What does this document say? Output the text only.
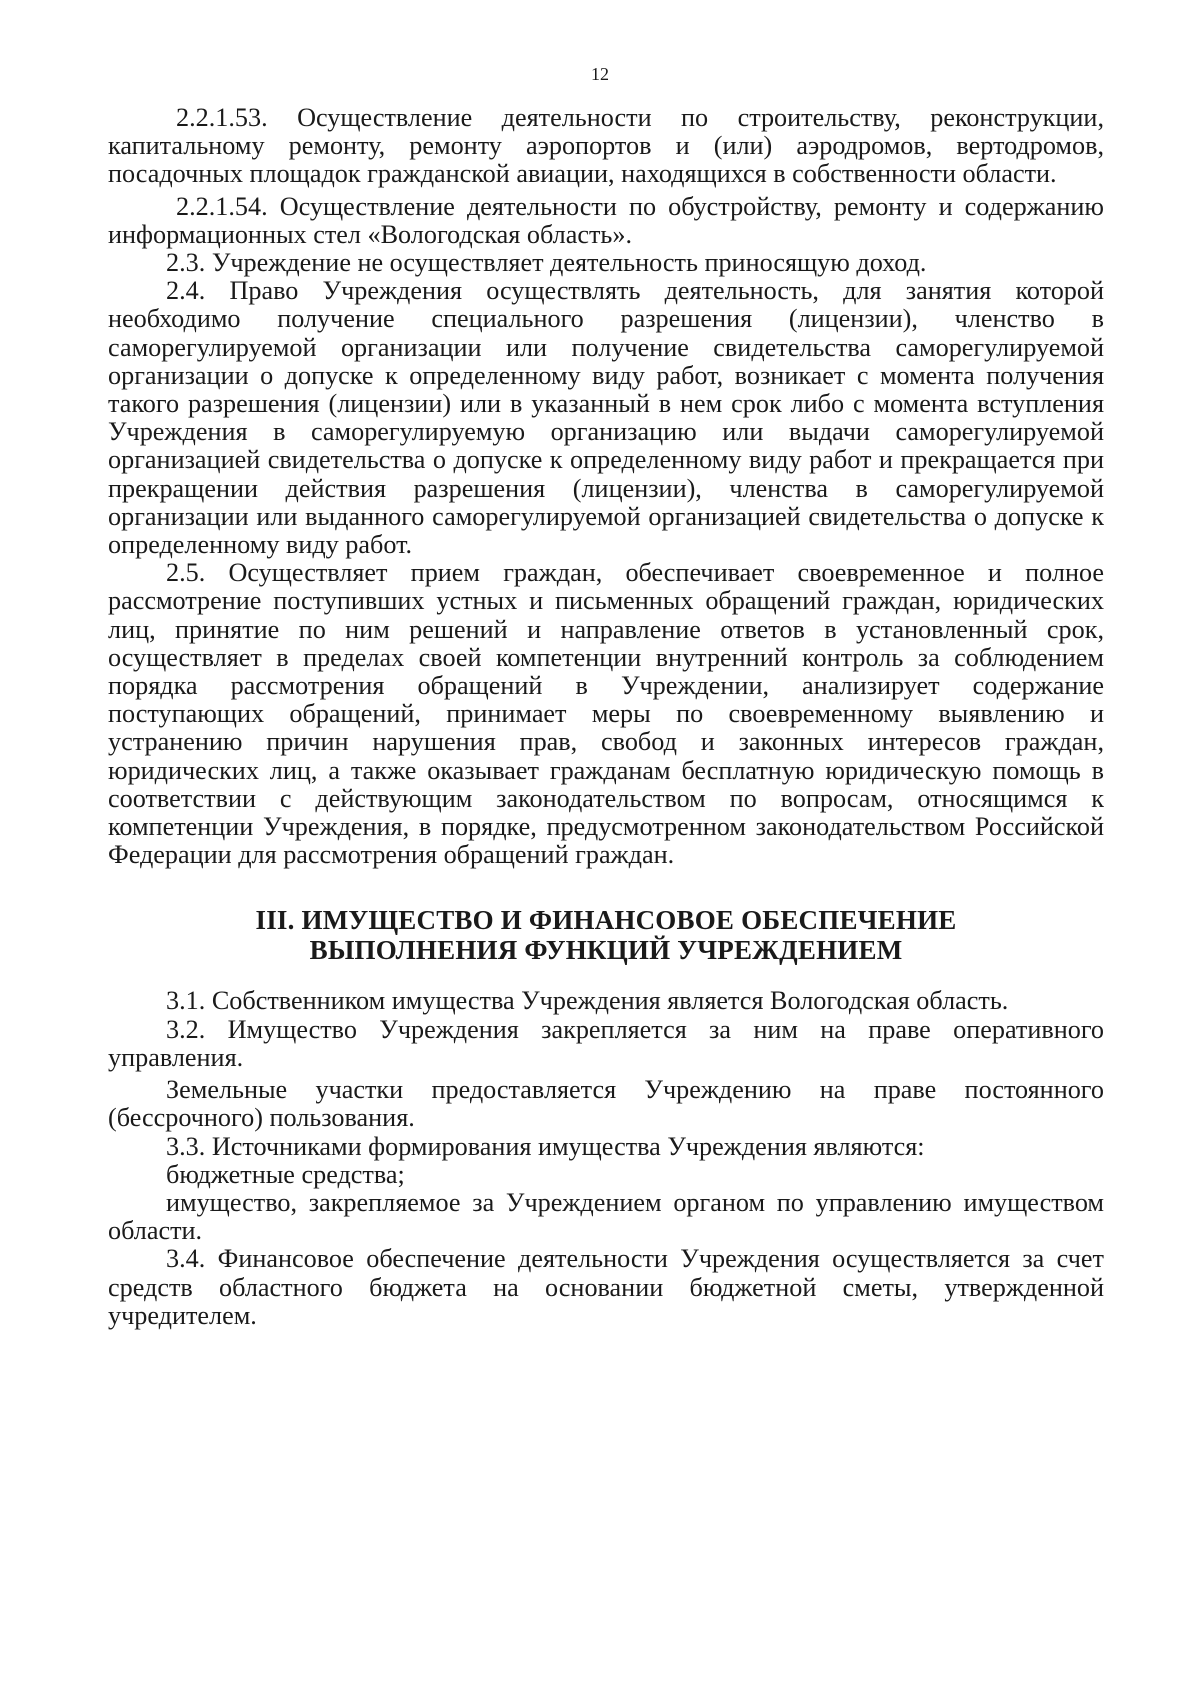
12

2.2.1.53. Осуществление деятельности по строительству, реконструкции, капитальному ремонту, ремонту аэропортов и (или) аэродромов, вертодромов, посадочных площадок гражданской авиации, находящихся в собственности области.

2.2.1.54. Осуществление деятельности по обустройству, ремонту и содержанию информационных стел «Вологодская область».

2.3. Учреждение не осуществляет деятельность приносящую доход.

2.4. Право Учреждения осуществлять деятельность, для занятия которой необходимо получение специального разрешения (лицензии), членство в саморегулируемой организации или получение свидетельства саморегулируемой организации о допуске к определенному виду работ, возникает с момента получения такого разрешения (лицензии) или в указанный в нем срок либо с момента вступления Учреждения в саморегулируемую организацию или выдачи саморегулируемой организацией свидетельства о допуске к определенному виду работ и прекращается при прекращении действия разрешения (лицензии), членства в саморегулируемой организации или выданного саморегулируемой организацией свидетельства о допуске к определенному виду работ.

2.5. Осуществляет прием граждан, обеспечивает своевременное и полное рассмотрение поступивших устных и письменных обращений граждан, юридических лиц, принятие по ним решений и направление ответов в установленный срок, осуществляет в пределах своей компетенции внутренний контроль за соблюдением порядка рассмотрения обращений в Учреждении, анализирует содержание поступающих обращений, принимает меры по своевременному выявлению и устранению причин нарушения прав, свобод и законных интересов граждан, юридических лиц, а также оказывает гражданам бесплатную юридическую помощь в соответствии с действующим законодательством по вопросам, относящимся к компетенции Учреждения, в порядке, предусмотренном законодательством Российской Федерации для рассмотрения обращений граждан.

III. ИМУЩЕСТВО И ФИНАНСОВОЕ ОБЕСПЕЧЕНИЕ
ВЫПОЛНЕНИЯ ФУНКЦИЙ УЧРЕЖДЕНИЕМ

3.1. Собственником имущества Учреждения является Вологодская область.

3.2. Имущество Учреждения закрепляется за ним на праве оперативного управления.

Земельные участки предоставляется Учреждению на праве постоянного (бессрочного) пользования.

3.3. Источниками формирования имущества Учреждения являются:

бюджетные средства;

имущество, закрепляемое за Учреждением органом по управлению имуществом области.

3.4. Финансовое обеспечение деятельности Учреждения осуществляется за счет средств областного бюджета на основании бюджетной сметы, утвержденной учредителем.
